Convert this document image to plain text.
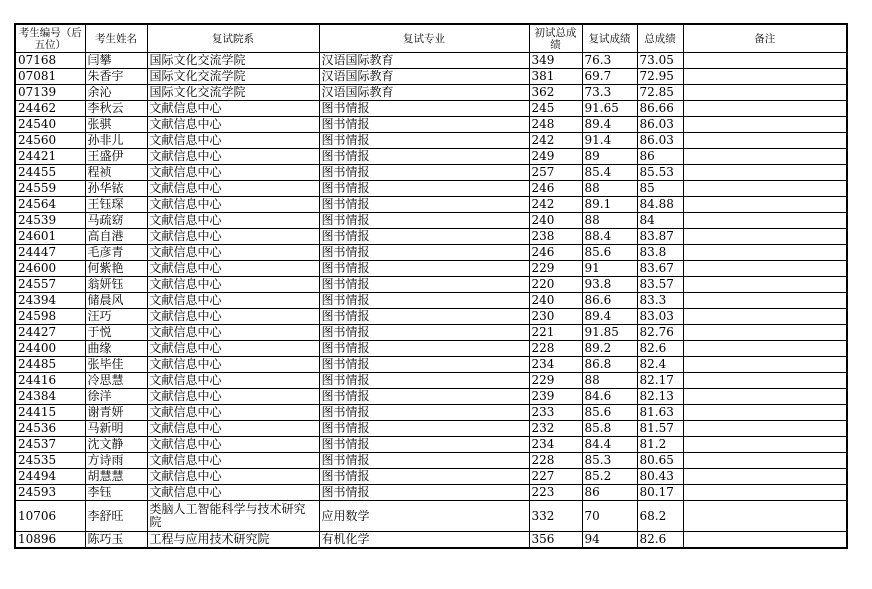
考生编号（后五位）	考生姓名	复试院系	复试专业	初试总成绩	复试成绩	总成绩	备注
07168	闫攀	国际文化交流学院	汉语国际教育	349	76.3	73.05	
07081	朱香宇	国际文化交流学院	汉语国际教育	381	69.7	72.95	
07139	余沁	国际文化交流学院	汉语国际教育	362	73.3	72.85	
24462	李秋云	文献信息中心	图书情报	245	91.65	86.66	
24540	张骐	文献信息中心	图书情报	248	89.4	86.03	
24560	孙非儿	文献信息中心	图书情报	242	91.4	86.03	
24421	王盛伊	文献信息中心	图书情报	249	89	86	
24455	程祯	文献信息中心	图书情报	257	85.4	85.53	
24559	孙华铱	文献信息中心	图书情报	246	88	85	
24564	王钰琛	文献信息中心	图书情报	242	89.1	84.88	
24539	马疏窈	文献信息中心	图书情报	240	88	84	
24601	高自港	文献信息中心	图书情报	238	88.4	83.87	
24447	毛彦青	文献信息中心	图书情报	246	85.6	83.8	
24600	何紫艳	文献信息中心	图书情报	229	91	83.67	
24557	翁妍钰	文献信息中心	图书情报	220	93.8	83.57	
24394	储晨风	文献信息中心	图书情报	240	86.6	83.3	
24598	汪巧	文献信息中心	图书情报	230	89.4	83.03	
24427	于悦	文献信息中心	图书情报	221	91.85	82.76	
24400	曲缘	文献信息中心	图书情报	228	89.2	82.6	
24485	张毕佳	文献信息中心	图书情报	234	86.8	82.4	
24416	冷思慧	文献信息中心	图书情报	229	88	82.17	
24384	徐洋	文献信息中心	图书情报	239	84.6	82.13	
24415	谢青妍	文献信息中心	图书情报	233	85.6	81.63	
24536	马新明	文献信息中心	图书情报	232	85.8	81.57	
24537	沈文静	文献信息中心	图书情报	234	84.4	81.2	
24535	方诗雨	文献信息中心	图书情报	228	85.3	80.65	
24494	胡慧慧	文献信息中心	图书情报	227	85.2	80.43	
24593	李钰	文献信息中心	图书情报	223	86	80.17	
10706	李舒旺	类脑人工智能科学与技术研究院	应用数学	332	70	68.2	
10896	陈巧玉	工程与应用技术研究院	有机化学	356	94	82.6	
